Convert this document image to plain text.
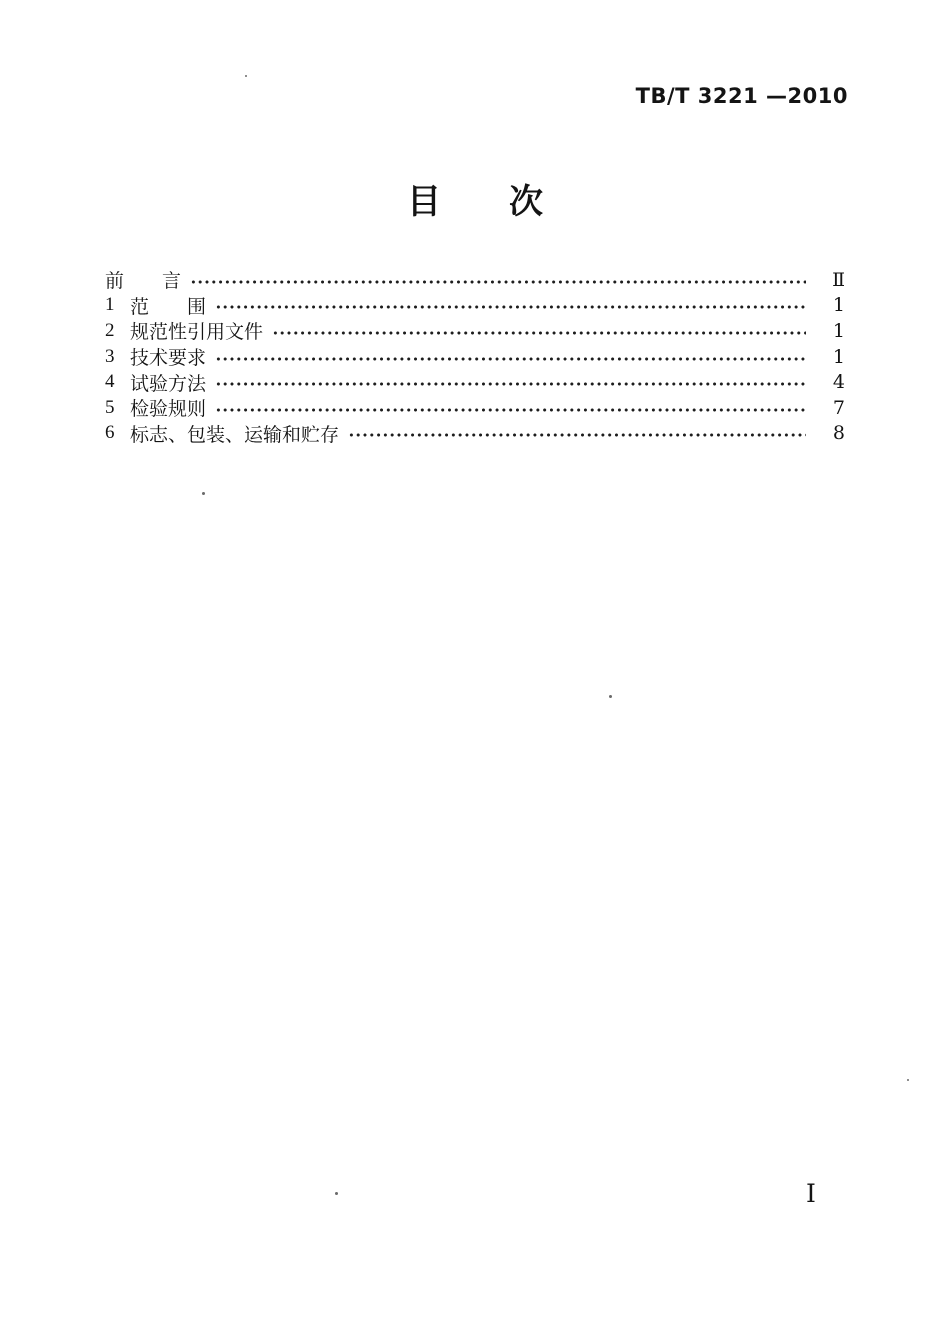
TB/T 3221 —2010
目　　次
前　　言	Ⅱ
1 范　　围	1
2 规范性引用文件	1
3 技术要求	1
4 试验方法	4
5 检验规则	7
6 标志、包装、运输和贮存	8
Ⅰ
